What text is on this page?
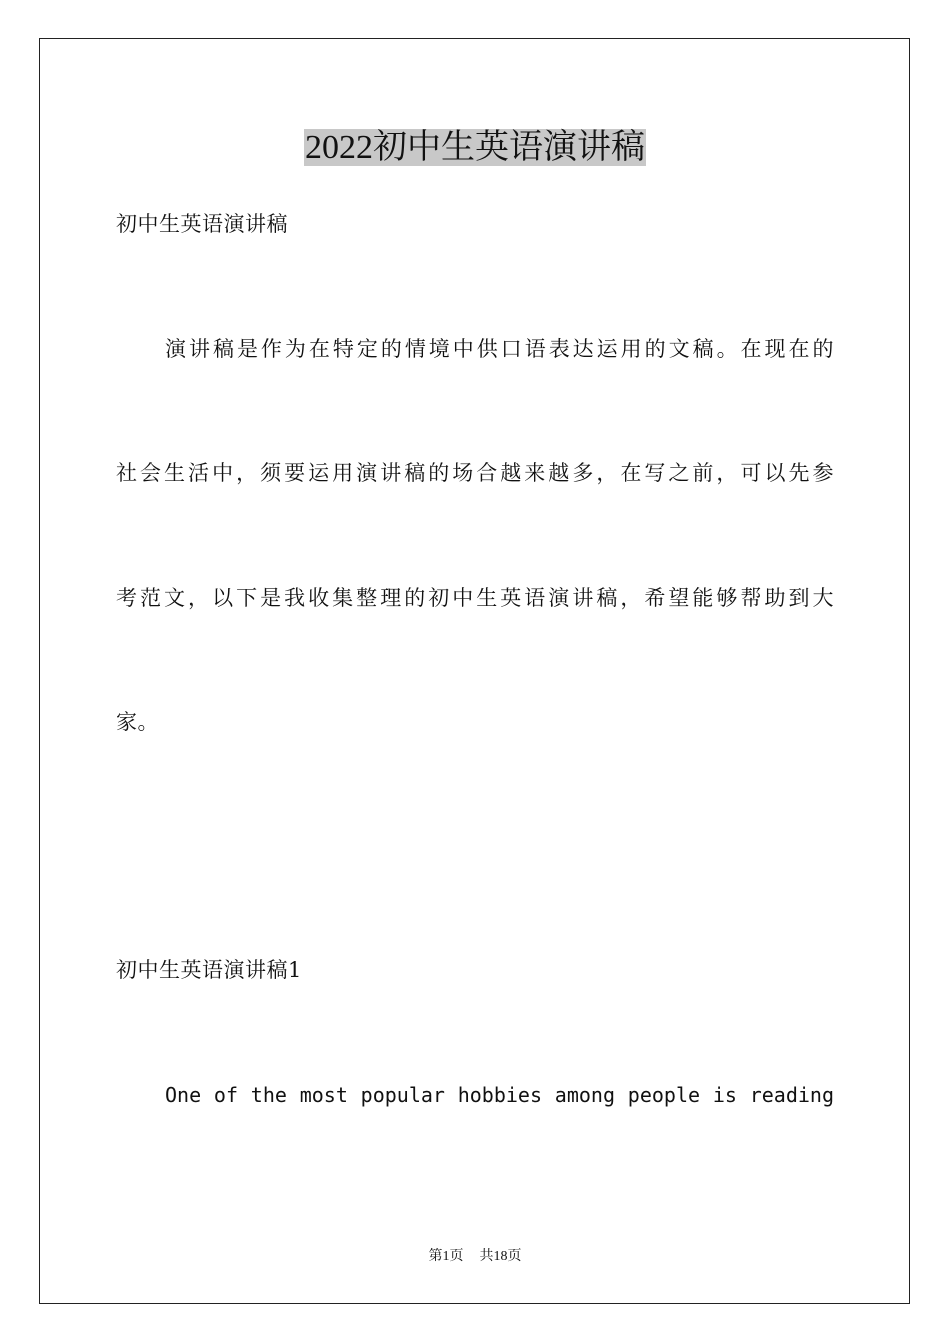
2022初中生英语演讲稿
初中生英语演讲稿
演讲稿是作为在特定的情境中供口语表达运用的文稿。在现在的
社会生活中，须要运用演讲稿的场合越来越多，在写之前，可以先参
考范文，以下是我收集整理的初中生英语演讲稿，希望能够帮助到大
家。
初中生英语演讲稿1
One of the most popular hobbies among people is reading
第1页 共18页
